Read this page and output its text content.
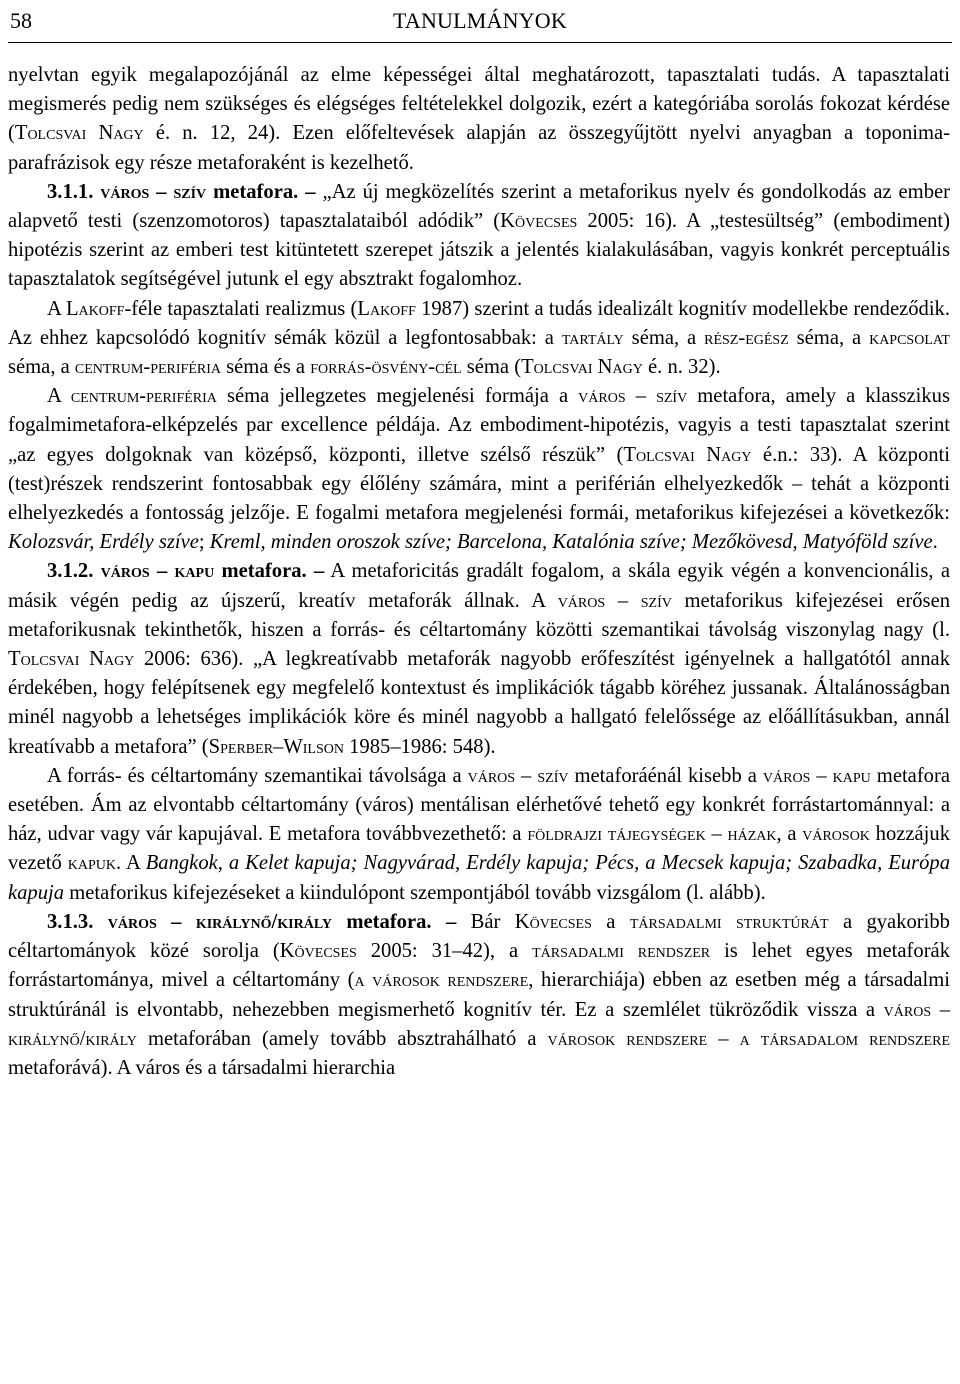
58	TANULMÁNYOK

nyelvtan egyik megalapozójánál az elme képességei által meghatározott, tapasztalati tudás. A tapasztalati megismerés pedig nem szükséges és elégséges feltételekkel dolgozik, ezért a kategóriába sorolás fokozat kérdése (Tolcsvai Nagy é. n. 12, 24). Ezen előfeltevések alapján az összegyűjtött nyelvi anyagban a toponima-parafrázisok egy része metaforaként is kezelhető.

3.1.1. város – szív metafora. – „Az új megközelítés szerint a metaforikus nyelv és gondolkodás az ember alapvető testi (szenzomotoros) tapasztalataiból adódik” (Kövecses 2005: 16). A „testesültség” (embodiment) hipotézis szerint az emberi test kitüntetett szerepet játszik a jelentés kialakulásában, vagyis konkrét perceptuális tapasztalatok segítségével jutunk el egy absztrakt fogalomhoz.

A Lakoff-féle tapasztalati realizmus (Lakoff 1987) szerint a tudás idealizált kognitív modellekbe rendeződik. Az ehhez kapcsolódó kognitív sémák közül a legfontosabbak: a tartály séma, a rész-egész séma, a kapcsolat séma, a centrum-periféria séma és a forrás-ösvény-cél séma (Tolcsvai Nagy é. n. 32).

A centrum-periféria séma jellegzetes megjelenési formája a város – szív metafora, amely a klasszikus fogalmimetafora-elképzelés par excellence példája. Az embodiment-hipotézis, vagyis a testi tapasztalat szerint „az egyes dolgoknak van középső, központi, illetve szélső részük” (Tolcsvai Nagy é.n.: 33). A központi (test)részek rendszerint fontosabbak egy élőlény számára, mint a periférián elhelyezkedők – tehát a központi elhelyezkedés a fontosság jelzője. E fogalmi metafora megjelenési formái, metaforikus kifejezései a következők: Kolozsvár, Erdély szíve; Kreml, minden oroszok szíve; Barcelona, Katalónia szíve; Mezőkövesd, Matyóföld szíve.

3.1.2. város – kapu metafora. – A metaforicitás gradált fogalom, a skála egyik végén a konvencionális, a másik végén pedig az újszerű, kreatív metaforák állnak. A város – szív metaforikus kifejezései erősen metaforikusnak tekinthetők, hiszen a forrás- és céltartomány közötti szemantikai távolság viszonylag nagy (l. Tolcsvai Nagy 2006: 636). „A legkreatívabb metaforák nagyobb erőfeszítést igényelnek a hallgatótól annak érdekében, hogy felépítsenek egy megfelelő kontextust és implikációk tágabb köréhez jussanak. Általánosságban minél nagyobb a lehetséges implikációk köre és minél nagyobb a hallgató felelőssége az előállításukban, annál kreatívabb a metafora” (Sperber–Wilson 1985–1986: 548).

A forrás- és céltartomány szemantikai távolsága a város – szív metaforáénál kisebb a város – kapu metafora esetében. Ám az elvontabb céltartomány (város) mentálisan elérhetővé tehető egy konkrét forrástartománnyal: a ház, udvar vagy vár kapujával. E metafora továbbvezethető: a földrajzi tájegységek – házak, a városok hozzájuk vezető kapuk. A Bangkok, a Kelet kapuja; Nagyvárad, Erdély kapuja; Pécs, a Mecsek kapuja; Szabadka, Európa kapuja metaforikus kifejezéseket a kiindulópont szempontjából tovább vizsgálom (l. alább).

3.1.3. város – királynő/király metafora. – Bár Kövecses a társadalmi struktúrát a gyakoribb céltartományok közé sorolja (Kövecses 2005: 31–42), a társadalmi rendszer is lehet egyes metaforák forrástartománya, mivel a céltartomány (a városok rendszere, hierarchiája) ebben az esetben még a társadalmi struktúránál is elvontabb, nehezebben megismerhető kognitív tér. Ez a szemlélet tükröződik vissza a város – királynő/király metaforában (amely tovább absztrahálható a városok rendszere – a társadalom rendszere metaforává). A város és a társadalmi hierarchia
